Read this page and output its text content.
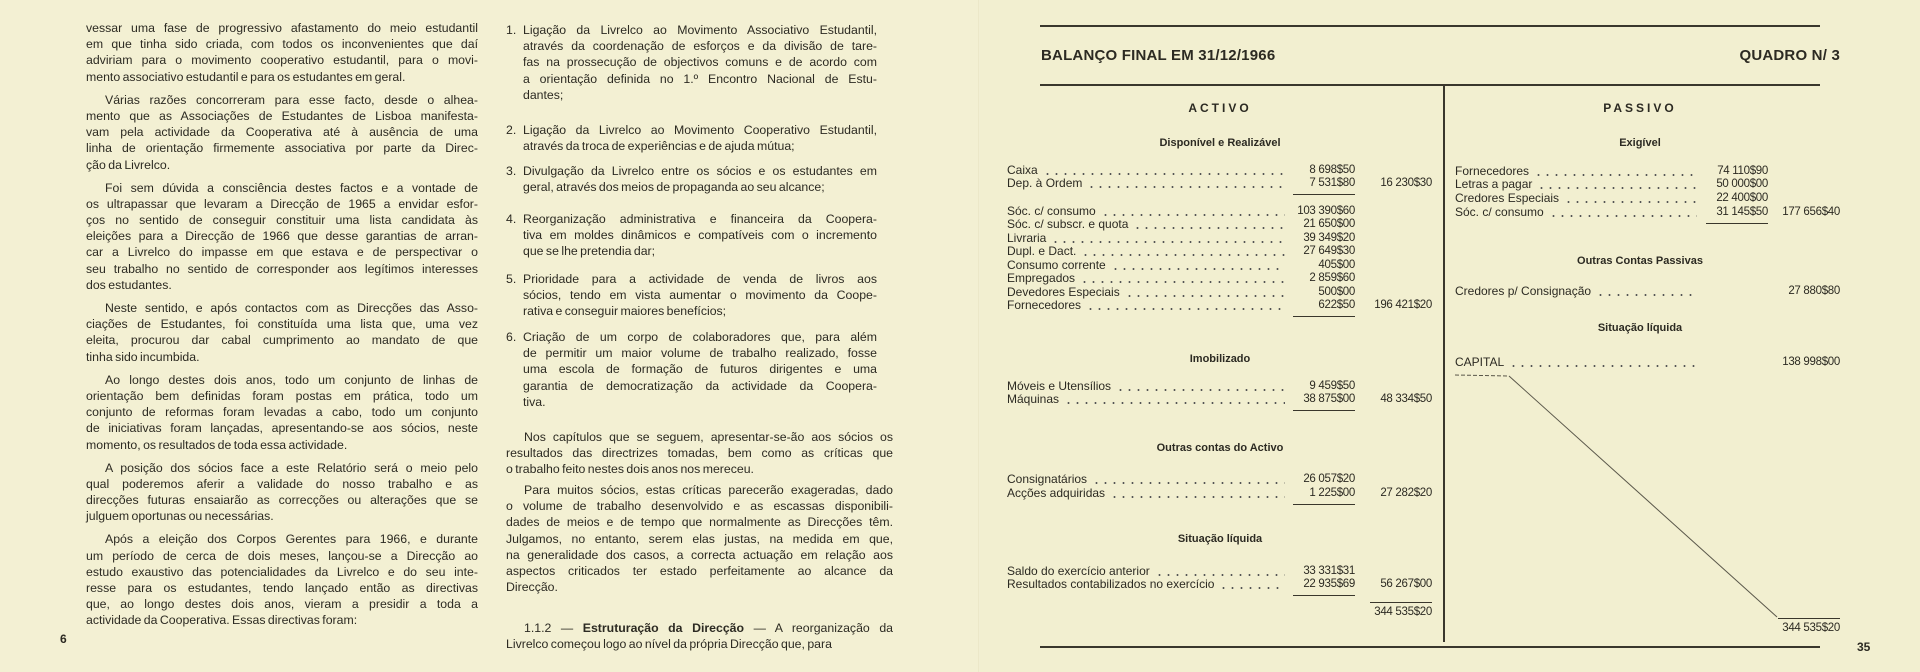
vessar uma fase de progressivo afastamento do meio estudantil
em que tinha sido criada, com todos os inconvenientes que daí
adviriam para o movimento cooperativo estudantil, para o movi-
mento associativo estudantil e para os estudantes em geral.
Várias razões concorreram para esse facto, desde o alhea-
mento que as Associações de Estudantes de Lisboa manifesta-
vam pela actividade da Cooperativa até à ausência de uma
linha de orientação firmemente associativa por parte da Direc-
ção da Livrelco.
Foi sem dúvida a consciência destes factos e a vontade de
os ultrapassar que levaram a Direcção de 1965 a envidar esfor-
ços no sentido de conseguir constituir uma lista candidata às
eleições para a Direcção de 1966 que desse garantias de arran-
car a Livrelco do impasse em que estava e de perspectivar o
seu trabalho no sentido de corresponder aos legítimos interesses
dos estudantes.
Neste sentido, e após contactos com as Direcções das Asso-
ciações de Estudantes, foi constituída uma lista que, uma vez
eleita, procurou dar cabal cumprimento ao mandato de que
tinha sido incumbida.
Ao longo destes dois anos, todo um conjunto de linhas de
orientação bem definidas foram postas em prática, todo um
conjunto de reformas foram levadas a cabo, todo um conjunto
de iniciativas foram lançadas, apresentando-se aos sócios, neste
momento, os resultados de toda essa actividade.
A posição dos sócios face a este Relatório será o meio pelo
qual poderemos aferir a validade do nosso trabalho e as
direcções futuras ensaiarão as correcções ou alterações que se
julguem oportunas ou necessárias.
Após a eleição dos Corpos Gerentes para 1966, e durante
um período de cerca de dois meses, lançou-se a Direcção ao
estudo exaustivo das potencialidades da Livrelco e do seu inte-
resse para os estudantes, tendo lançado então as directivas
que, ao longo destes dois anos, vieram a presidir a toda a
actividade da Cooperativa. Essas directivas foram:
1. Ligação da Livrelco ao Movimento Associativo Estudantil,
através da coordenação de esforços e da divisão de tare-
fas na prossecução de objectivos comuns e de acordo com
a orientação definida no 1.º Encontro Nacional de Estu-
dantes;
2. Ligação da Livrelco ao Movimento Cooperativo Estudantil,
através da troca de experiências e de ajuda mútua;
3. Divulgação da Livrelco entre os sócios e os estudantes em
geral, através dos meios de propaganda ao seu alcance;
4. Reorganização administrativa e financeira da Coopera-
tiva em moldes dinâmicos e compatíveis com o incremento
que se lhe pretendia dar;
5. Prioridade para a actividade de venda de livros aos
sócios, tendo em vista aumentar o movimento da Coope-
rativa e conseguir maiores benefícios;
6. Criação de um corpo de colaboradores que, para além
de permitir um maior volume de trabalho realizado, fosse
uma escola de formação de futuros dirigentes e uma
garantia de democratização da actividade da Coopera-
tiva.
Nos capítulos que se seguem, apresentar-se-ão aos sócios os
resultados das directrizes tomadas, bem como as críticas que
o trabalho feito nestes dois anos nos mereceu.
Para muitos sócios, estas críticas parecerão exageradas, dado
o volume de trabalho desenvolvido e as escassas disponibili-
dades de meios e de tempo que normalmente as Direcções têm.
Julgamos, no entanto, serem elas justas, na medida em que,
na generalidade dos casos, a correcta actuação em relação aos
aspectos criticados ter estado perfeitamente ao alcance da
Direcção.
1.1.2 — Estruturação da Direcção — A reorganização da
Livrelco começou logo ao nível da própria Direcção que, para
6
BALANÇO FINAL EM 31/12/1966	QUADRO N/ 3
35
ACTIVO
Disponível e Realizável
Caixa	8 698$50
Dep. à Ordem	7 531$80 16 230$30
Sóc. c/ consumo	103 390$60
Sóc. c/ subscr. e quota	21 650$00
Livraria	39 349$20
Dupl. e Dact.	27 649$30
Consumo corrente	405$00
Empregados	2 859$60
Devedores Especiais	500$00
Fornecedores	622$50 196 421$20
Imobilizado
Móveis e Utensílios	9 459$50
Máquinas	38 875$00 48 334$50
Outras contas do Activo
Consignatários	26 057$20
Acções adquiridas	1 225$00 27 282$20
Situação líquida
Saldo do exercício anterior	33 331$31
Resultados contabilizados no exercício	22 935$69 56 267$00
344 535$20
PASSIVO
Exigível
Fornecedores	74 110$90
Letras a pagar	50 000$00
Credores Especiais	22 400$00
Sóc. c/ consumo	31 145$50 177 656$40
Outras Contas Passivas
Credores p/ Consignação	27 880$80
Situação líquida
CAPITAL	138 998$00
344 535$20
